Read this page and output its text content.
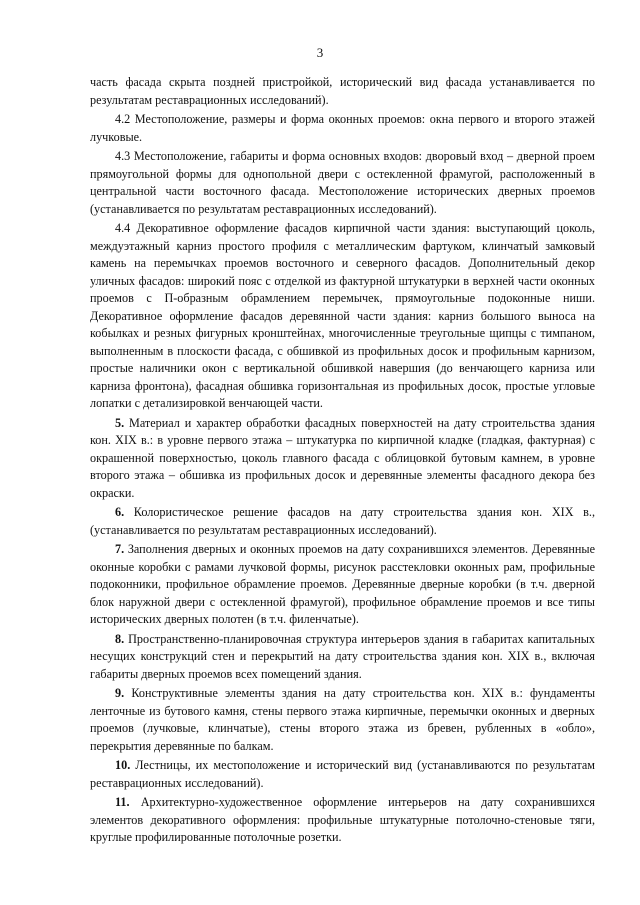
3

часть фасада скрыта поздней пристройкой, исторический вид фасада устанавливается по результатам реставрационных исследований).

4.2 Местоположение, размеры и форма оконных проемов: окна первого и второго этажей лучковые.

4.3 Местоположение, габариты и форма основных входов: дворовый вход – дверной проем прямоугольной формы для однопольной двери с остекленной фрамугой, расположенный в центральной части восточного фасада. Местоположение исторических дверных проемов (устанавливается по результатам реставрационных исследований).

4.4 Декоративное оформление фасадов кирпичной части здания: выступающий цоколь, междуэтажный карниз простого профиля с металлическим фартуком, клинчатый замковый камень на перемычках проемов восточного и северного фасадов. Дополнительный декор уличных фасадов: широкий пояс с отделкой из фактурной штукатурки в верхней части оконных проемов с П-образным обрамлением перемычек, прямоугольные подоконные ниши. Декоративное оформление фасадов деревянной части здания: карниз большого выноса на кобылках и резных фигурных кронштейнах, многочисленные треугольные щипцы с тимпаном, выполненным в плоскости фасада, с обшивкой из профильных досок и профильным карнизом, простые наличники окон с вертикальной обшивкой навершия (до венчающего карниза или карниза фронтона), фасадная обшивка горизонтальная из профильных досок, простые угловые лопатки с детализировкой венчающей части.

5. Материал и характер обработки фасадных поверхностей на дату строительства здания кон. XIX в.: в уровне первого этажа – штукатурка по кирпичной кладке (гладкая, фактурная) с окрашенной поверхностью, цоколь главного фасада с облицовкой бутовым камнем, в уровне второго этажа – обшивка из профильных досок и деревянные элементы фасадного декора без окраски.

6. Колористическое решение фасадов на дату строительства здания кон. XIX в., (устанавливается по результатам реставрационных исследований).

7. Заполнения дверных и оконных проемов на дату сохранившихся элементов. Деревянные оконные коробки с рамами лучковой формы, рисунок расстекловки оконных рам, профильные подоконники, профильное обрамление проемов. Деревянные дверные коробки (в т.ч. дверной блок наружной двери с остекленной фрамугой), профильное обрамление проемов и все типы исторических дверных полотен (в т.ч. филенчатые).

8. Пространственно-планировочная структура интерьеров здания в габаритах капитальных несущих конструкций стен и перекрытий на дату строительства здания кон. XIX в., включая габариты дверных проемов всех помещений здания.

9. Конструктивные элементы здания на дату строительства кон. XIX в.: фундаменты ленточные из бутового камня, стены первого этажа кирпичные, перемычки оконных и дверных проемов (лучковые, клинчатые), стены второго этажа из бревен, рубленных в «обло», перекрытия деревянные по балкам.

10. Лестницы, их местоположение и исторический вид (устанавливаются по результатам реставрационных исследований).

11. Архитектурно-художественное оформление интерьеров на дату сохранившихся элементов декоративного оформления: профильные штукатурные потолочно-стеновые тяги, круглые профилированные потолочные розетки.
